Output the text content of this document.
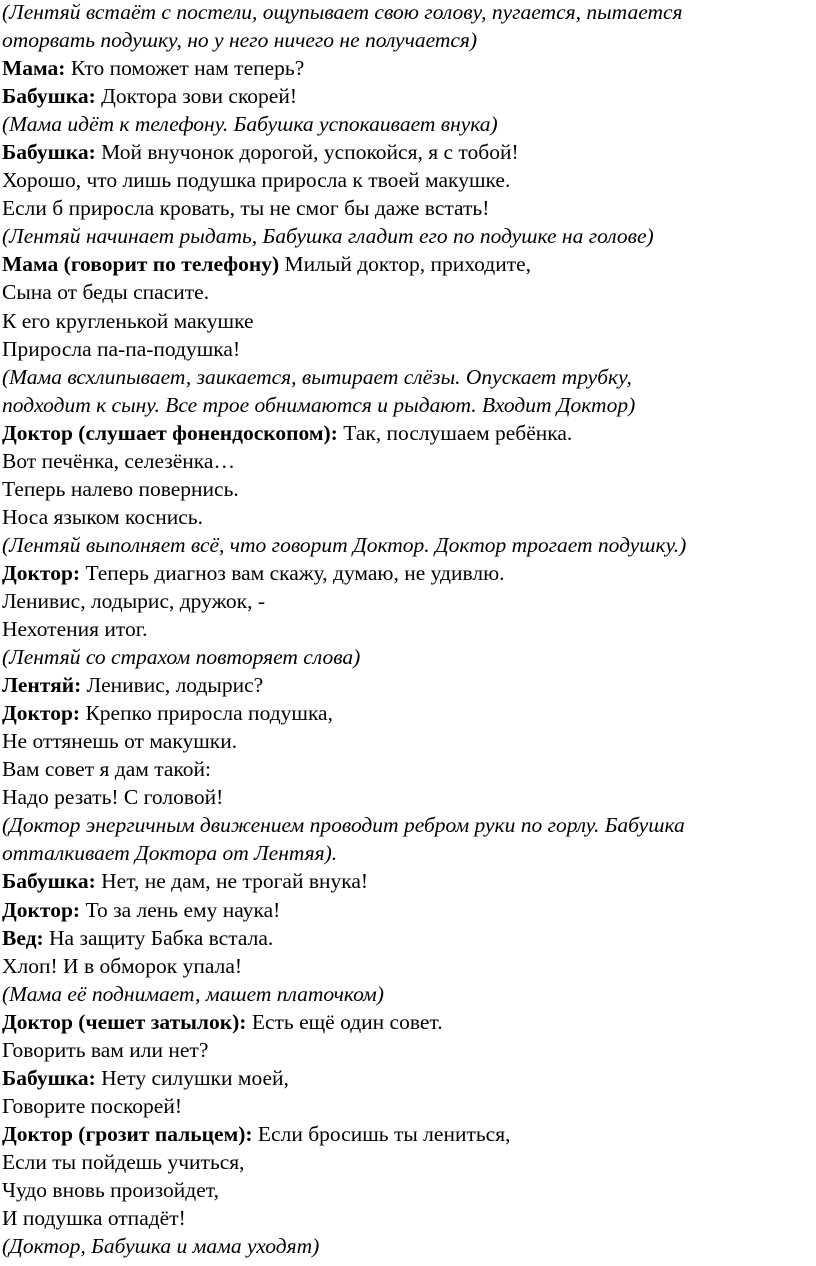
(Лентяй встаёт с постели, ощупывает свою голову, пугается, пытается
оторвать подушку, но у него ничего не получается)
Мама: Кто поможет нам теперь?
Бабушка: Доктора зови скорей!
(Мама идёт к телефону. Бабушка успокаивает внука)
Бабушка: Мой внучонок дорогой, успокойся, я с тобой!
Хорошо, что лишь подушка приросла к твоей макушке.
Если б приросла кровать, ты не смог бы даже встать!
(Лентяй начинает рыдать, Бабушка гладит его по подушке на голове)
Мама (говорит по телефону) Милый доктор, приходите,
Сына от беды спасите.
К его кругленькой макушке
Приросла па-па-подушка!
(Мама всхлипывает, заикается, вытирает слёзы. Опускает трубку,
подходит к сыну. Все трое обнимаются и рыдают. Входит Доктор)
Доктор (слушает фонендоскопом): Так, послушаем ребёнка.
Вот печёнка, селезёнка…
Теперь налево повернись.
Носа языком коснись.
(Лентяй выполняет всё, что говорит Доктор. Доктор трогает подушку.)
Доктор: Теперь диагноз вам скажу, думаю, не удивлю.
Ленивис, лодырис, дружок, -
Нехотения итог.
(Лентяй со страхом повторяет слова)
Лентяй: Ленивис, лодырис?
Доктор: Крепко приросла подушка,
Не оттянешь от макушки.
Вам совет я дам такой:
Надо резать! С головой!
(Доктор энергичным движением проводит ребром руки по горлу. Бабушка
отталкивает Доктора от Лентяя).
Бабушка: Нет, не дам, не трогай внука!
Доктор: То за лень ему наука!
Вед: На защиту Бабка встала.
Хлоп! И в обморок упала!
(Мама её поднимает, машет платочком)
Доктор (чешет затылок): Есть ещё один совет.
Говорить вам или нет?
Бабушка: Нету силушки моей,
Говорите поскорей!
Доктор (грозит пальцем): Если бросишь ты лениться,
Если ты пойдешь учиться,
Чудо вновь произойдет,
И подушка отпадёт!
(Доктор, Бабушка и мама уходят)
